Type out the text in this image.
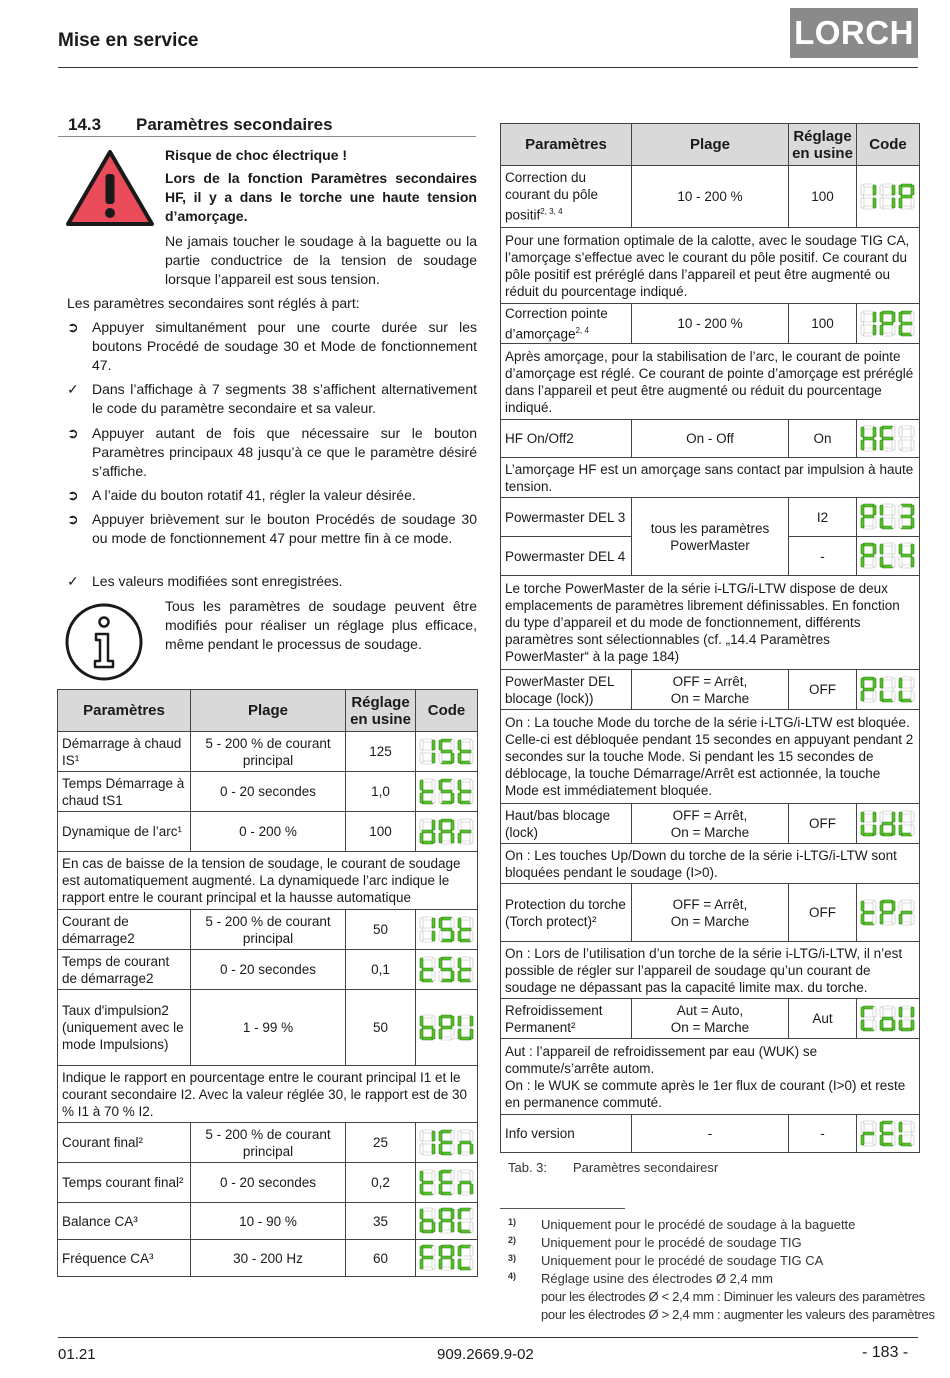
Mise en service	LORCH
14.3 Paramètres secondaires
Risque de choc électrique !
Lors de la fonction Paramètres secondaires HF, il y a dans le torche une haute tension d’amorçage.
Ne jamais toucher le soudage à la baguette ou la partie conductrice de la tension de soudage lorsque l’appareil est sous tension.
Les paramètres secondaires sont réglés à part:
➲ Appuyer simultanément pour une courte durée sur les boutons Procédé de soudage 30 et Mode de fonctionnement 47.
✓ Dans l’affichage à 7 segments 38 s’affichent alternativement le code du paramètre secondaire et sa valeur.
➲ Appuyer autant de fois que nécessaire sur le bouton Paramètres principaux 48 jusqu’à ce que le paramètre désiré s’affiche.
➲ A l’aide du bouton rotatif 41, régler la valeur désirée.
➲ Appuyer brièvement sur le bouton Procédés de soudage 30 ou mode de fonctionnement 47 pour mettre fin à ce mode.
✓ Les valeurs modifiées sont enregistrées.
Tous les paramètres de soudage peuvent être modifiés pour réaliser un réglage plus efficace, même pendant le processus de soudage.
Paramètres	Plage	Réglage
en usine	Code
Démarrage à chaud IS¹	5 - 200 % de courant principal	125	

Temps Démarrage à chaud tS1	0 - 20 secondes	1,0	

Dynamique de l’arc¹	0 - 200 %	100	

En cas de baisse de la tension de soudage, le courant de soudage est automatiquement augmenté. La dynamiquede l’arc indique le rapport entre le courant principal et la hausse automatique			
Courant de démarrage2	5 - 200 % de courant principal	50	

Temps de courant de démarrage2	0 - 20 secondes	0,1	

Taux d'impulsion2 (uniquement avec le mode Impulsions)	1 - 99 %	50	

Indique le rapport en pourcentage entre le courant principal I1 et le courant secondaire I2. Avec la valeur réglée 30, le rapport est de 30 % I1 à 70 % I2.			
Courant final²	5 - 200 % de courant principal	25	

Temps courant final²	0 - 20 secondes	0,2	

Balance CA³	10 - 90 %	35	

Fréquence CA³	30 - 200 Hz	60	
Paramètres	Plage	Réglage
en usine	Code
Correction du courant du pôle positif$^{2, 3, 4}$	10 - 200 %	100	

Pour une formation optimale de la calotte, avec le soudage TIG CA, l’amorçage s’effectue avec le courant du pôle positif. Ce courant du pôle positif est préréglé dans l’appareil et peut être augmenté ou réduit du pourcentage indiqué.			
Correction pointe d’amorçage$^{2, 4}$	10 - 200 %	100	

Après amorçage, pour la stabilisation de l’arc, le courant de pointe d’amorçage est réglé. Ce courant de pointe d’amorçage est préréglé dans l’appareil et peut être augmenté ou réduit du pourcentage indiqué.			
HF On/Off2	On - Off	On	

L’amorçage HF est un amorçage sans contact par impulsion à haute tension.			
Powermaster DEL 3	tous les paramètres PowerMaster	I2	

Powermaster DEL 4		-	

Le torche PowerMaster de la série i-LTG/i-LTW dispose de deux emplacements de paramètres librement définissables. En fonction du type d’appareil et du mode de fonctionnement, différents paramètres sont sélectionnables (cf. „14.4 Paramètres PowerMaster“ à la page 184)			
PowerMaster DEL blocage (lock))	OFF = Arrêt,
On = Marche	OFF	

On : La touche Mode du torche de la série i-LTG/i-LTW est bloquée. Celle-ci est débloquée pendant 15 secondes en appuyant pendant 2 secondes sur la touche Mode. Si pendant les 15 secondes de déblocage, la touche Démarrage/Arrêt est actionnée, la touche Mode est immédiatement bloquée.			
Haut/bas blocage (lock)	OFF = Arrêt,
On = Marche	OFF	

On : Les touches Up/Down du torche de la série i-LTG/i-LTW sont bloquées pendant le soudage (I>0).			
Protection du torche (Torch protect)²	OFF = Arrêt,
On = Marche	OFF	

On : Lors de l’utilisation d’un torche de la série i-LTG/i-LTW, il n’est possible de régler sur l’appareil de soudage qu’un courant de soudage ne dépassant pas la capacité limite max. du torche.			
Refroidissement Permanent²	Aut = Auto,
On = Marche	Aut	

Aut : l’appareil de refroidissement par eau (WUK) se commute/s’arrête autom.
On : le WUK se commute après le 1er flux de courant (I>0) et reste en permanence commuté.			
Info version	-	-	
Tab. 3: Paramètres secondairesr
1) Uniquement pour le procédé de soudage à la baguette
2) Uniquement pour le procédé de soudage TIG
3) Uniquement pour le procédé de soudage TIG CA
4) Réglage usine des électrodes Ø 2,4 mm
pour les électrodes Ø < 2,4 mm : Diminuer les valeurs des paramètres
pour les électrodes Ø > 2,4 mm : augmenter les valeurs des paramètres
01.21	909.2669.9-02	- 183 -
